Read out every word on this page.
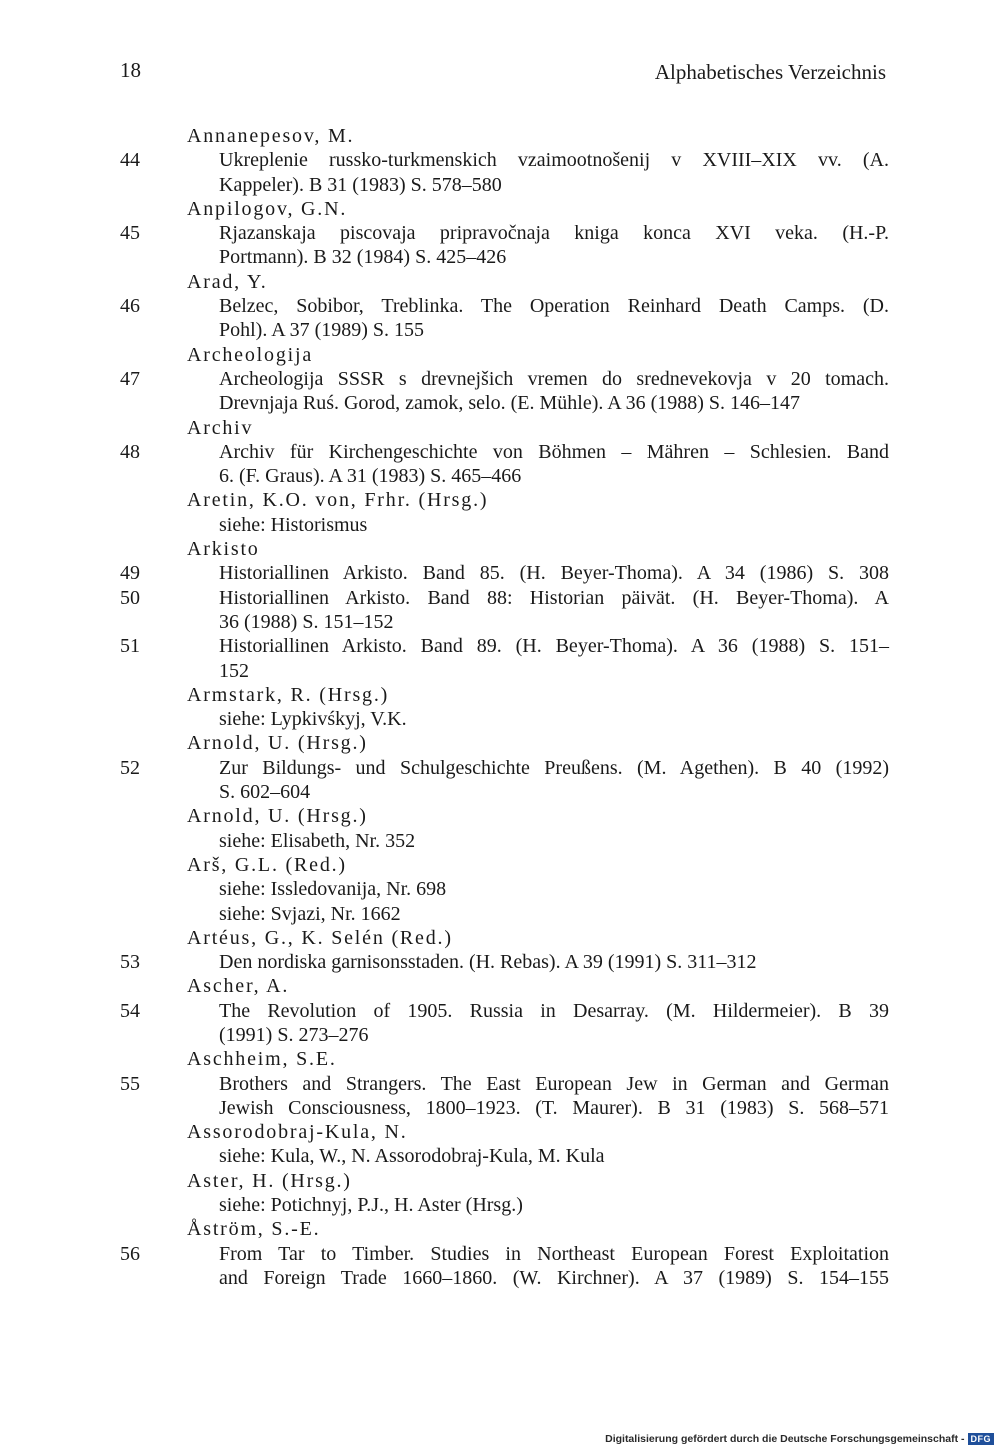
18	Alphabetisches Verzeichnis
Annanepesov, M.
44	Ukreplenie russko-turkmenskich vzaimootnošenij v XVIII–XIX vv. (A.
Kappeler). B 31 (1983) S. 578–580
Anpilogov, G.N.
45	Rjazanskaja piscovaja pripravočnaja kniga konca XVI veka. (H.-P.
Portmann). B 32 (1984) S. 425–426
Arad, Y.
46	Belzec, Sobibor, Treblinka. The Operation Reinhard Death Camps. (D.
Pohl). A 37 (1989) S. 155
Archeologija
47	Archeologija SSSR s drevnejšich vremen do srednevekovja v 20 tomach.
Drevnjaja Ruś. Gorod, zamok, selo. (E. Mühle). A 36 (1988) S. 146–147
Archiv
48	Archiv für Kirchengeschichte von Böhmen – Mähren – Schlesien. Band
6. (F. Graus). A 31 (1983) S. 465–466
Aretin, K.O. von, Frhr. (Hrsg.)
siehe: Historismus
Arkisto
49	Historiallinen Arkisto. Band 85. (H. Beyer-Thoma). A 34 (1986) S. 308
50	Historiallinen Arkisto. Band 88: Historian päivät. (H. Beyer-Thoma). A
36 (1988) S. 151–152
51	Historiallinen Arkisto. Band 89. (H. Beyer-Thoma). A 36 (1988) S. 151–
152
Armstark, R. (Hrsg.)
siehe: Lypkivśkyj, V.K.
Arnold, U. (Hrsg.)
52	Zur Bildungs- und Schulgeschichte Preußens. (M. Agethen). B 40 (1992)
S. 602–604
Arnold, U. (Hrsg.)
siehe: Elisabeth, Nr. 352
Arš, G.L. (Red.)
siehe: Issledovanija, Nr. 698
siehe: Svjazi, Nr. 1662
Artéus, G., K. Selén (Red.)
53	Den nordiska garnisonsstaden. (H. Rebas). A 39 (1991) S. 311–312
Ascher, A.
54	The Revolution of 1905. Russia in Desarray. (M. Hildermeier). B 39
(1991) S. 273–276
Aschheim, S.E.
55	Brothers and Strangers. The East European Jew in German and German
Jewish Consciousness, 1800–1923. (T. Maurer). B 31 (1983) S. 568–571
Assorodobraj-Kula, N.
siehe: Kula, W., N. Assorodobraj-Kula, M. Kula
Aster, H. (Hrsg.)
siehe: Potichnyj, P.J., H. Aster (Hrsg.)
Åström, S.-E.
56	From Tar to Timber. Studies in Northeast European Forest Exploitation
and Foreign Trade 1660–1860. (W. Kirchner). A 37 (1989) S. 154–155
Digitalisierung gefördert durch die Deutsche Forschungsgemeinschaft - DFG
